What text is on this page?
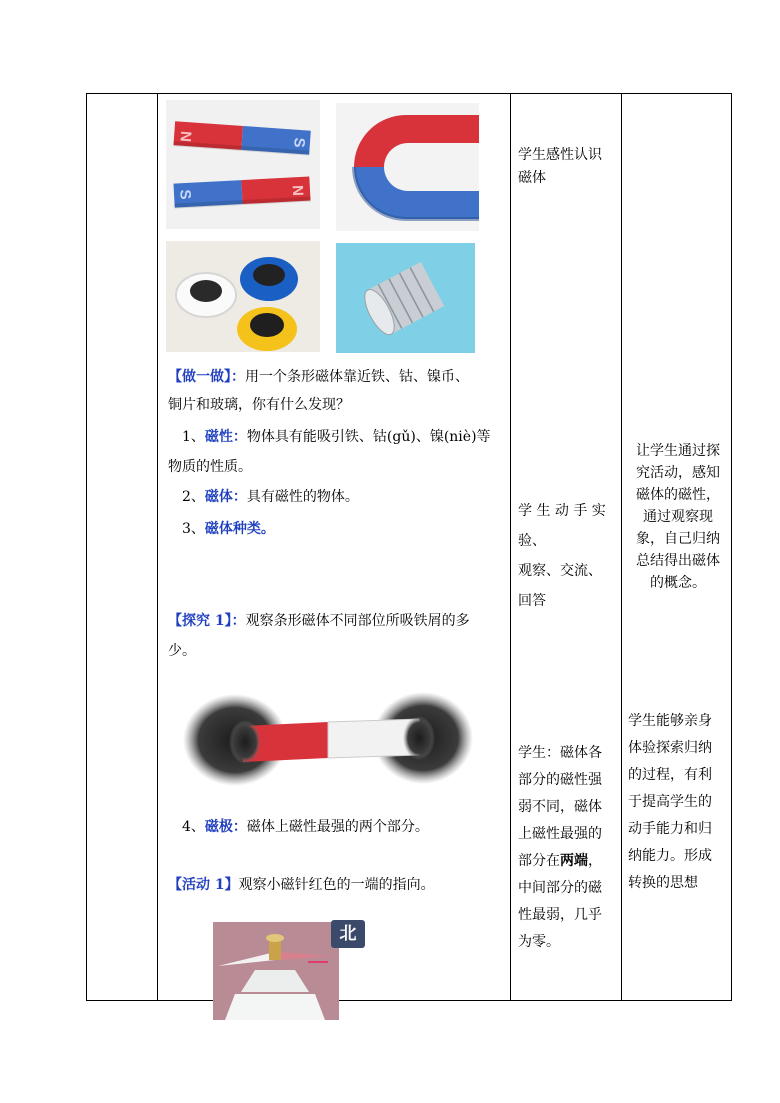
N	S
S	N
【做一做】：用一个条形磁体靠近铁、钴、镍币、
铜片和玻璃，你有什么发现？
1、磁性：物体具有能吸引铁、钴(gǔ)、镍(niè)等
物质的性质。
2、磁体：具有磁性的物体。
3、磁体种类。
【探究 1】：观察条形磁体不同部位所吸铁屑的多
少。
4、磁极：磁体上磁性最强的两个部分。
【活动 1】观察小磁针红色的一端的指向。
北
学生感性认识
磁体
学 生 动 手 实
验、
观察、交流、
回答
学生：磁体各
部分的磁性强
弱不同，磁体
上磁性最强的
部分在两端，
中间部分的磁
性最弱，几乎
为零。
让学生通过探
究活动，感知
磁体的磁性，
通过观察现
象，自己归纳
总结得出磁体
的概念。
学生能够亲身
体验探索归纳
的过程，有利
于提高学生的
动手能力和归
纳能力。形成
转换的思想
